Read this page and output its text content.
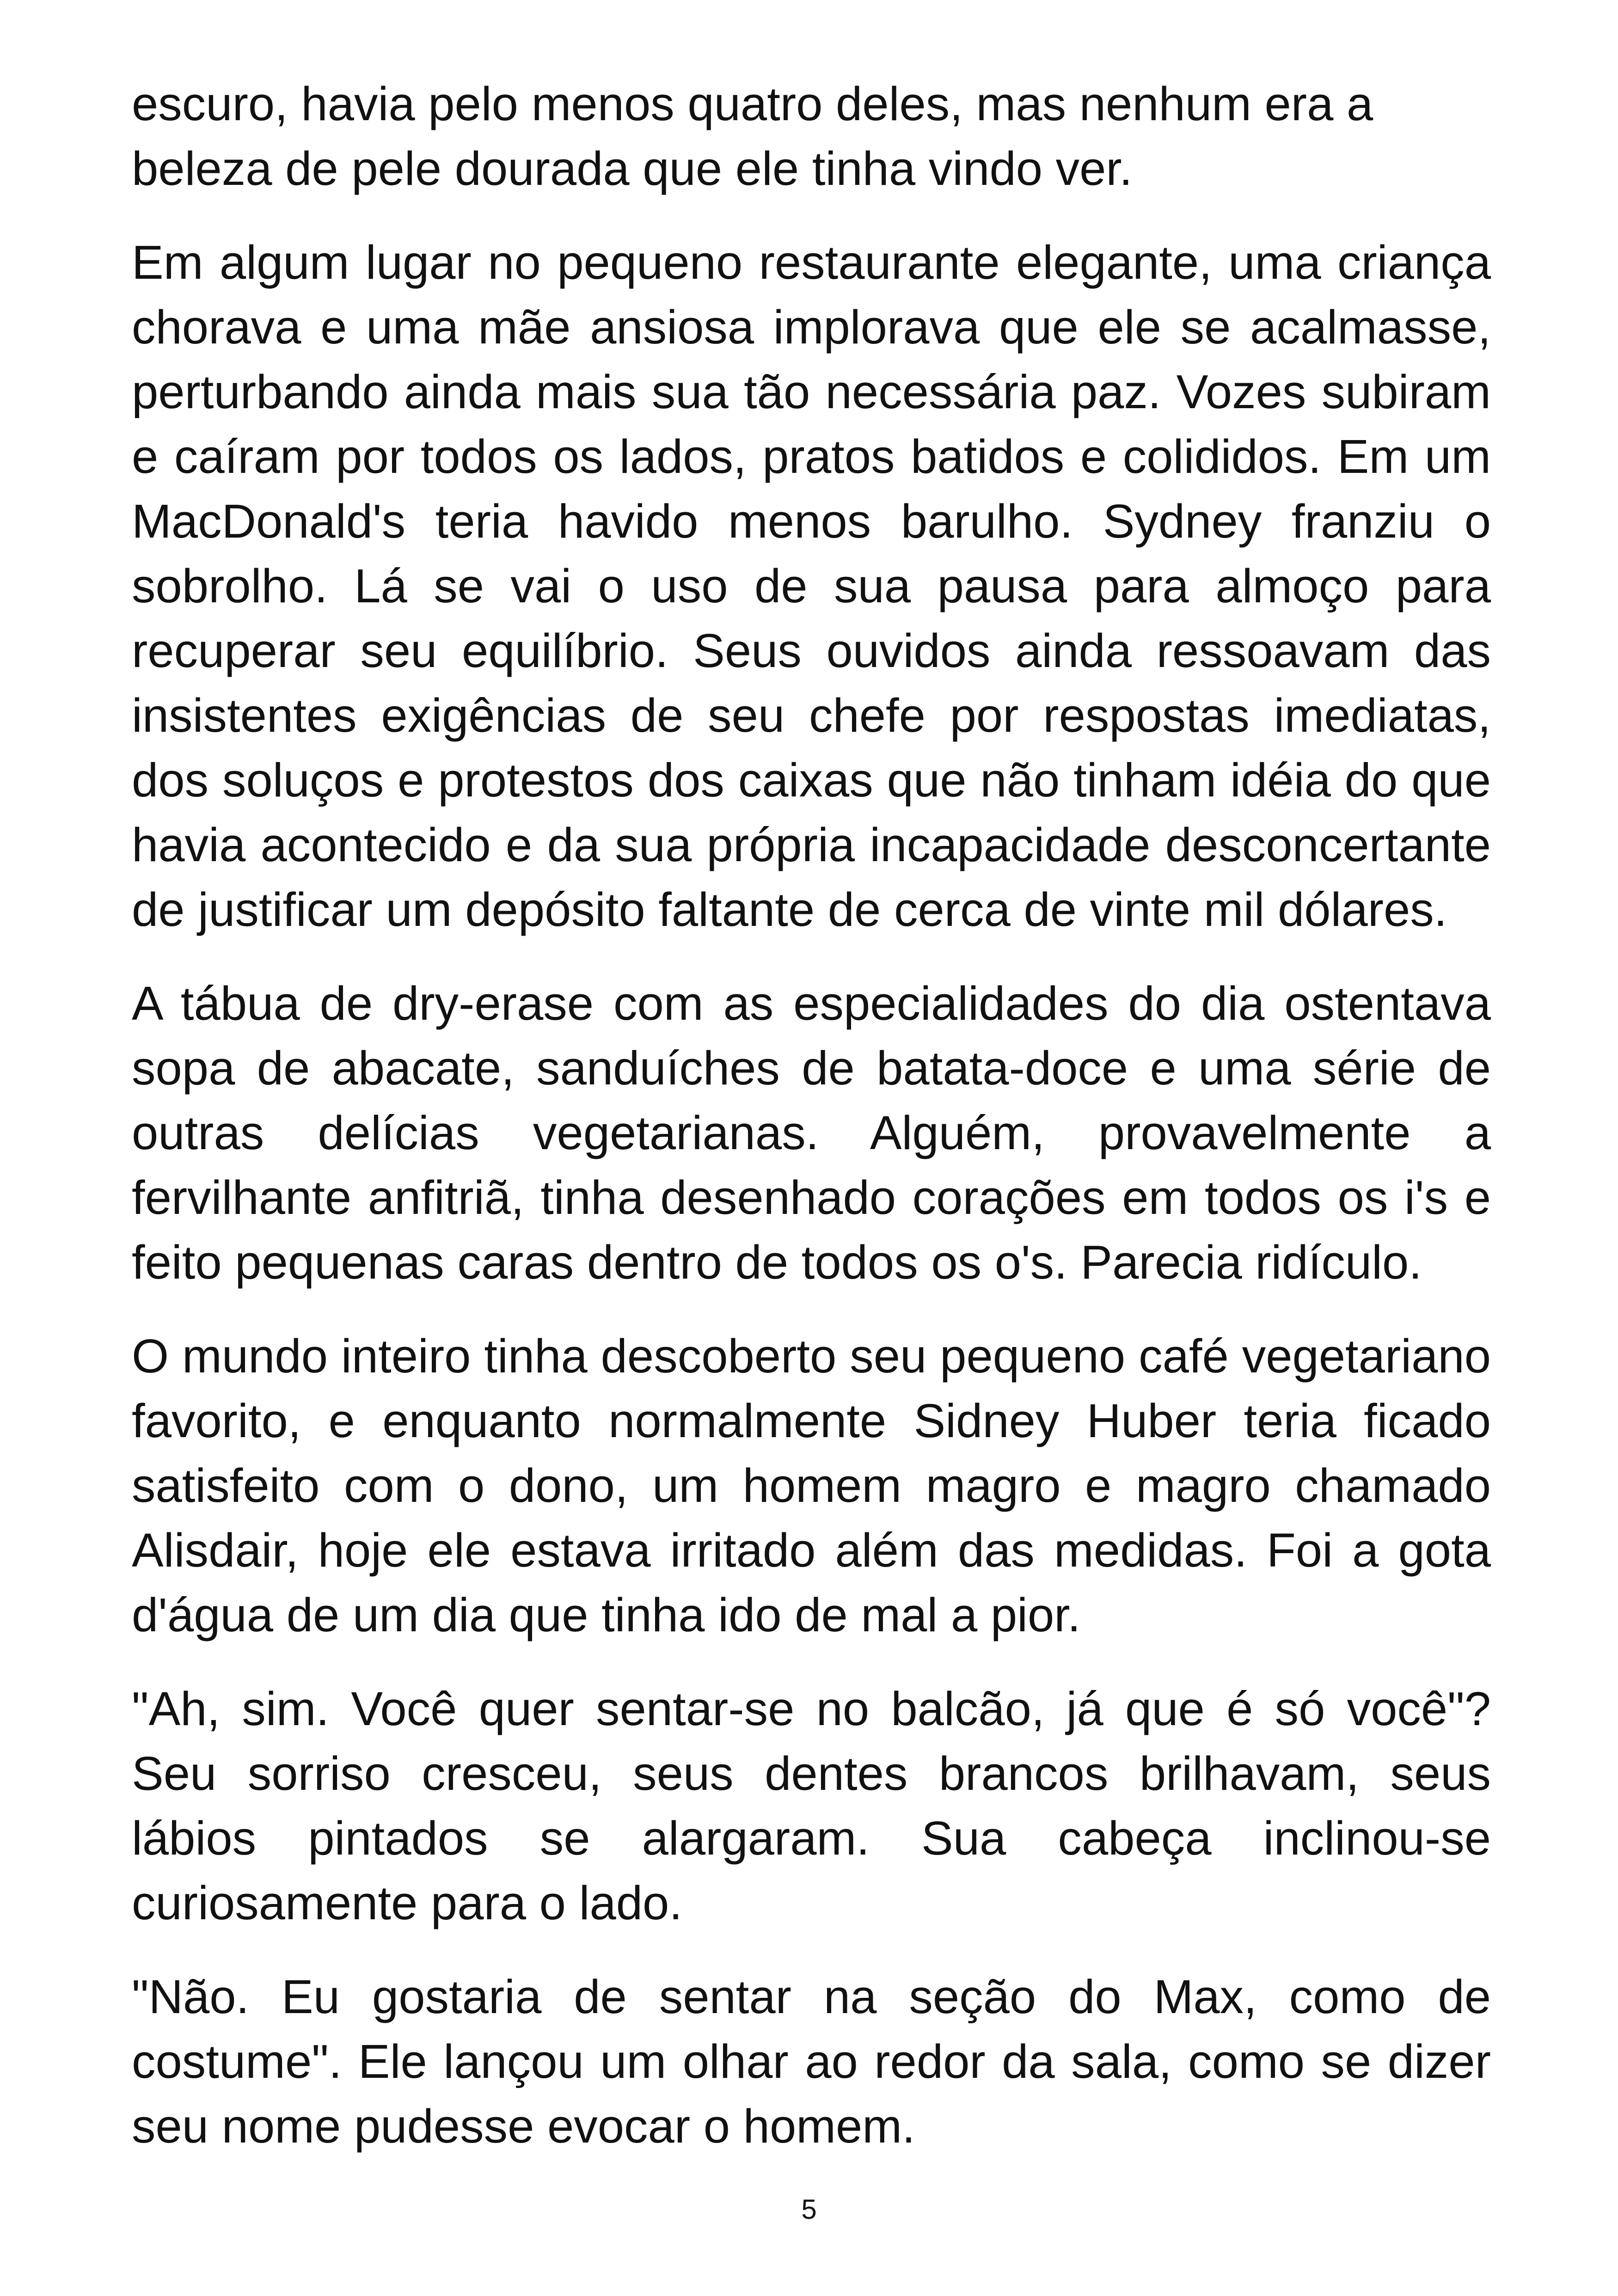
escuro, havia pelo menos quatro deles, mas nenhum era a beleza de pele dourada que ele tinha vindo ver.

Em algum lugar no pequeno restaurante elegante, uma criança chorava e uma mãe ansiosa implorava que ele se acalmasse, perturbando ainda mais sua tão necessária paz. Vozes subiram e caíram por todos os lados, pratos batidos e colididos. Em um MacDonald's teria havido menos barulho. Sydney franziu o sobrolho. Lá se vai o uso de sua pausa para almoço para recuperar seu equilíbrio. Seus ouvidos ainda ressoavam das insistentes exigências de seu chefe por respostas imediatas, dos soluços e protestos dos caixas que não tinham idéia do que havia acontecido e da sua própria incapacidade desconcertante de justificar um depósito faltante de cerca de vinte mil dólares.

A tábua de dry-erase com as especialidades do dia ostentava sopa de abacate, sanduíches de batata-doce e uma série de outras delícias vegetarianas. Alguém, provavelmente a fervilhante anfitriã, tinha desenhado corações em todos os i's e feito pequenas caras dentro de todos os o's. Parecia ridículo.

O mundo inteiro tinha descoberto seu pequeno café vegetariano favorito, e enquanto normalmente Sidney Huber teria ficado satisfeito com o dono, um homem magro e magro chamado Alisdair, hoje ele estava irritado além das medidas. Foi a gota d'água de um dia que tinha ido de mal a pior.

"Ah, sim. Você quer sentar-se no balcão, já que é só você"? Seu sorriso cresceu, seus dentes brancos brilhavam, seus lábios pintados se alargaram. Sua cabeça inclinou-se curiosamente para o lado.

"Não. Eu gostaria de sentar na seção do Max, como de costume". Ele lançou um olhar ao redor da sala, como se dizer seu nome pudesse evocar o homem.

5
